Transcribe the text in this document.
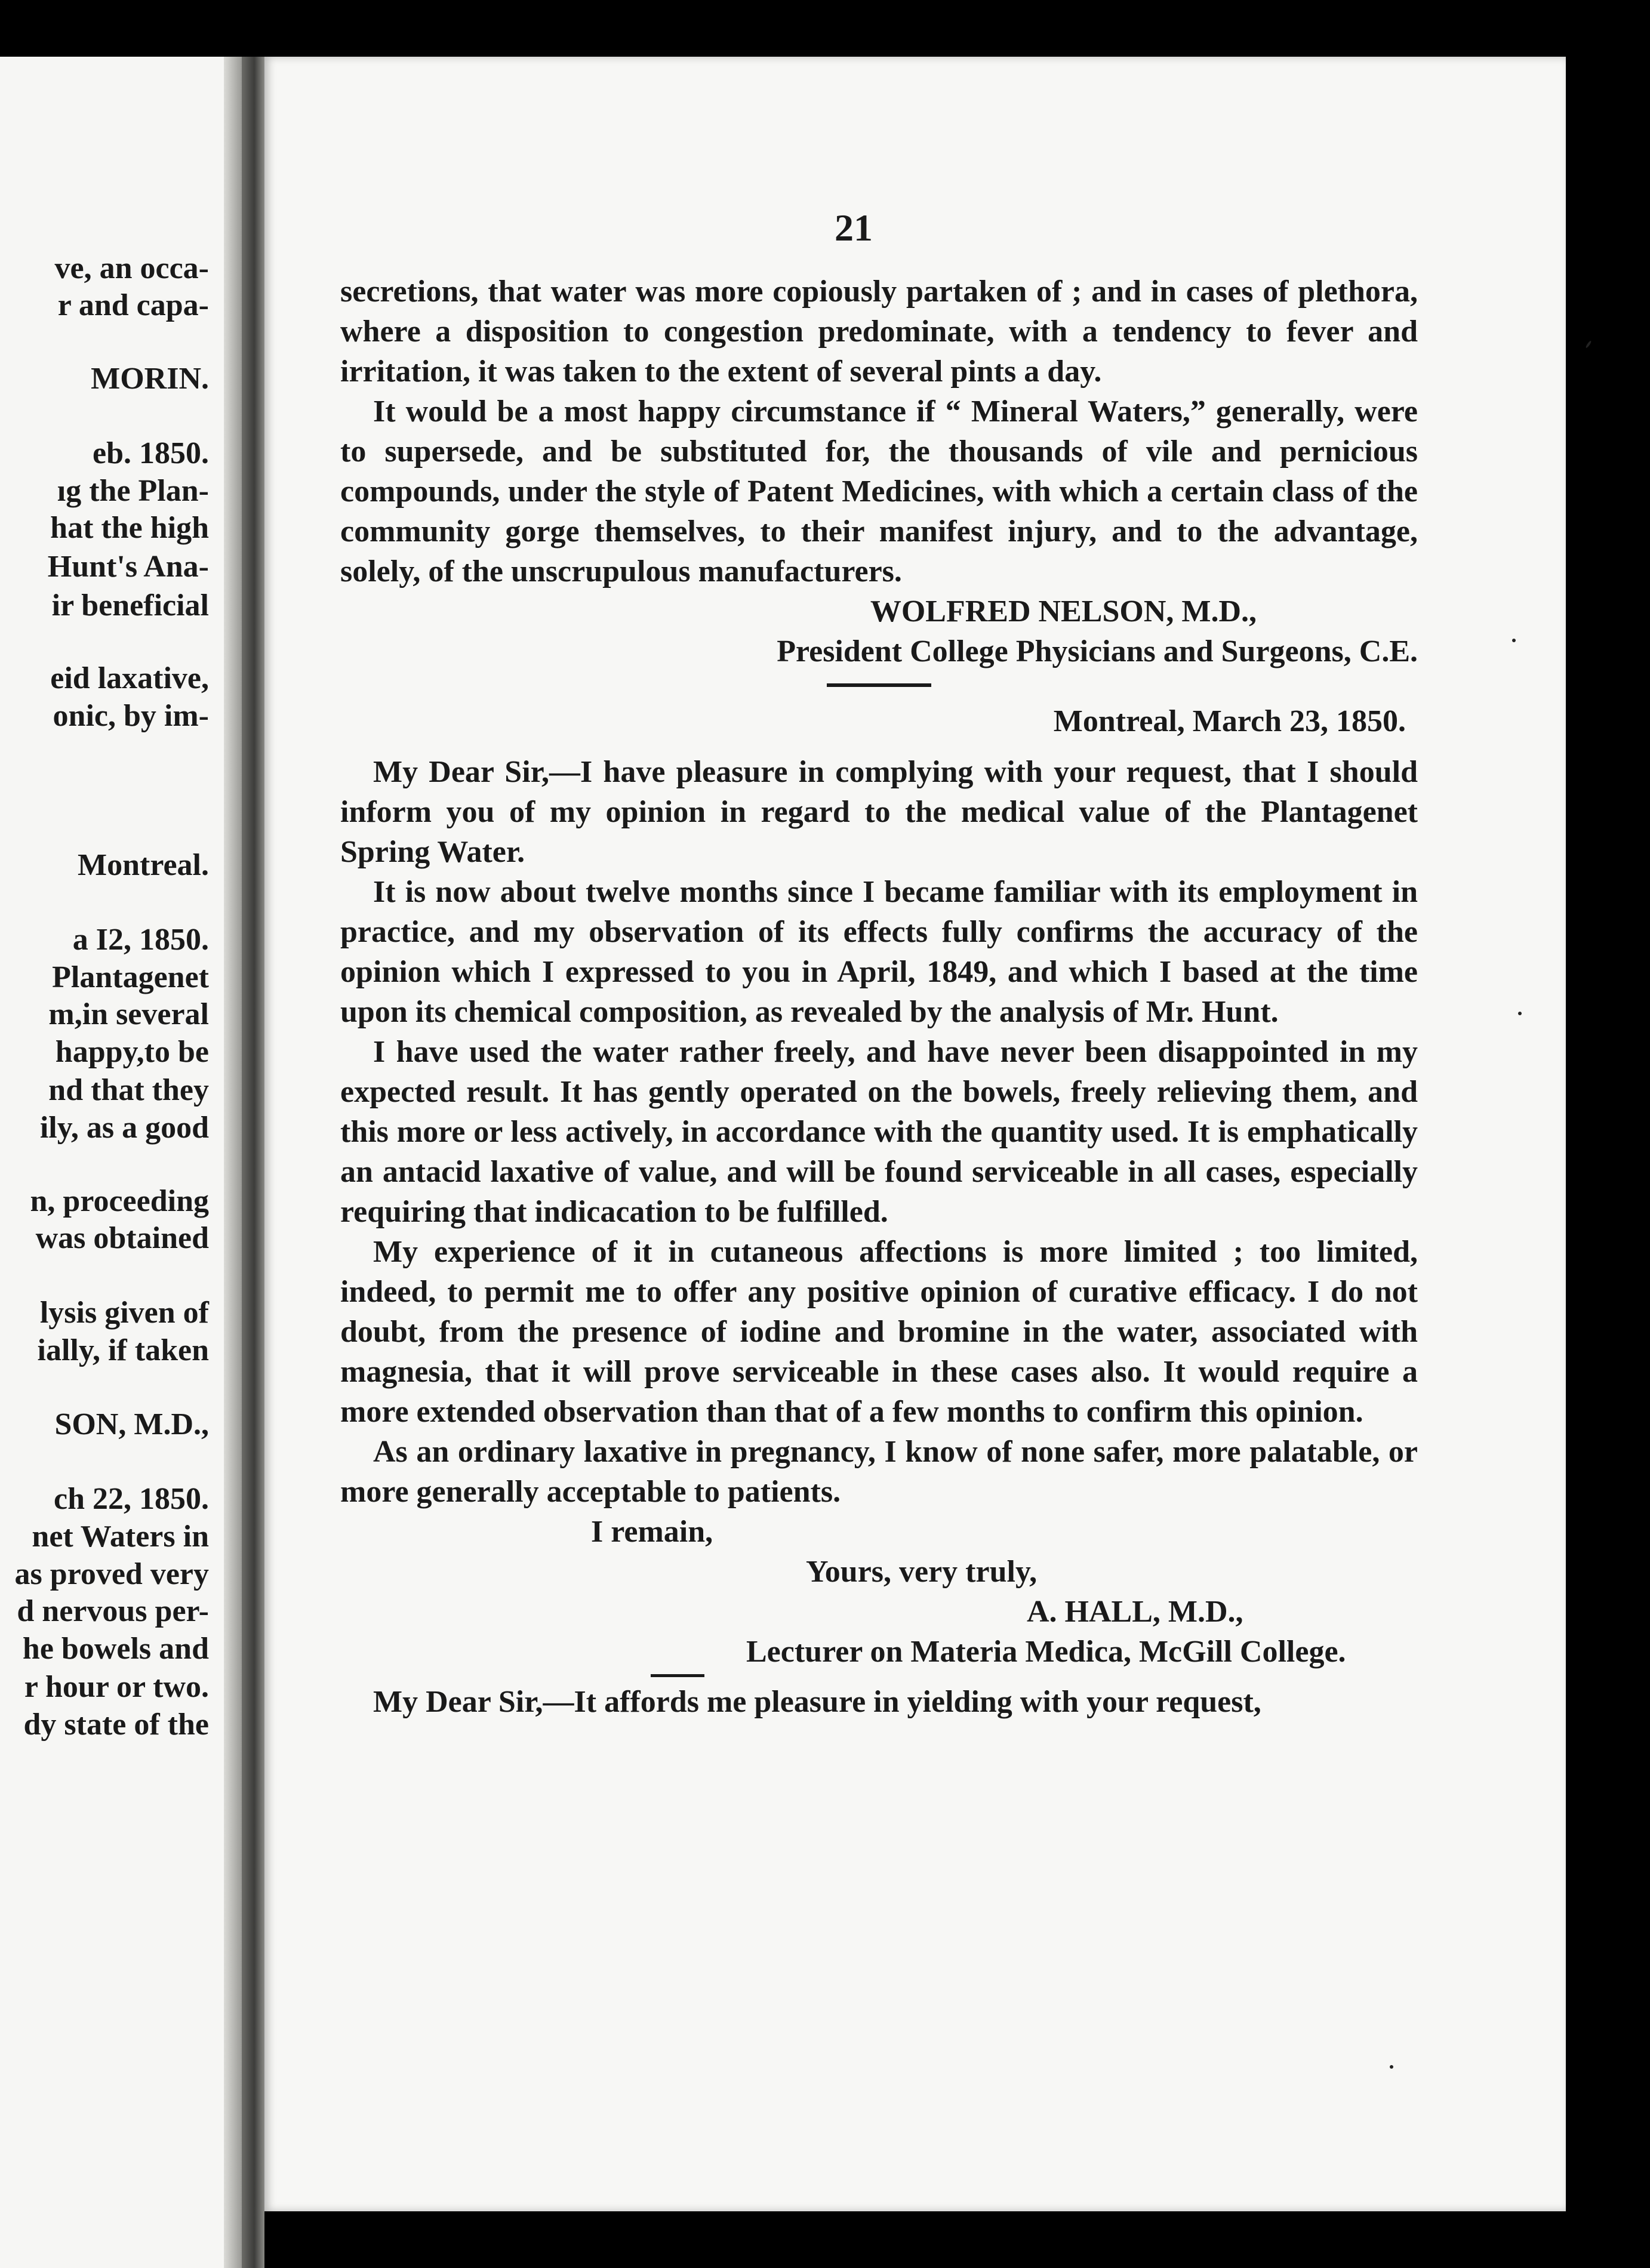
ve, an occa-
r and capa-
MORIN.
eb. 1850.
ıg the Plan-
hat the high
Hunt's Ana-
ir beneficial
eid laxative,
onic, by im-
Montreal.
a I2, 1850.
Plantagenet
m,in several
happy,to be
nd that they
ily, as a good
n, proceeding
was obtained
lysis given of
ially, if taken
SON, M.D.,
ch 22, 1850.
net Waters in
as proved very
d nervous per-
he bowels and
r hour or two.
dy state of the
21

secretions, that water was more copiously partaken of ; and in cases of plethora, where a disposition to congestion predominate, with a tendency to fever and irritation, it was taken to the extent of several pints a day.

It would be a most happy circumstance if “ Mineral Waters,” generally, were to supersede, and be substituted for, the thousands of vile and pernicious compounds, under the style of Patent Medicines, with which a certain class of the community gorge themselves, to their manifest injury, and to the advantage, solely, of the unscrupulous manufacturers.

WOLFRED NELSON, M.D.,

President College Physicians and Surgeons, C.E.

Montreal, March 23, 1850.

My Dear Sir,—I have pleasure in complying with your request, that I should inform you of my opinion in regard to the medical value of the Plantagenet Spring Water.

It is now about twelve months since I became familiar with its employment in practice, and my observation of its effects fully confirms the accuracy of the opinion which I expressed to you in April, 1849, and which I based at the time upon its chemical composition, as revealed by the analysis of Mr. Hunt.

I have used the water rather freely, and have never been disappointed in my expected result. It has gently operated on the bowels, freely relieving them, and this more or less actively, in accordance with the quantity used. It is emphatically an antacid laxative of value, and will be found serviceable in all cases, especially requiring that indicacation to be fulfilled.

My experience of it in cutaneous affections is more limited ; too limited, indeed, to permit me to offer any positive opinion of curative efficacy. I do not doubt, from the presence of iodine and bromine in the water, associated with magnesia, that it will prove serviceable in these cases also. It would require a more extended observation than that of a few months to confirm this opinion.

As an ordinary laxative in pregnancy, I know of none safer, more palatable, or more generally acceptable to patients.

I remain,

Yours, very truly,

A. HALL, M.D.,

Lecturer on Materia Medica, McGill College.

My Dear Sir,—It affords me pleasure in yielding with your request,
